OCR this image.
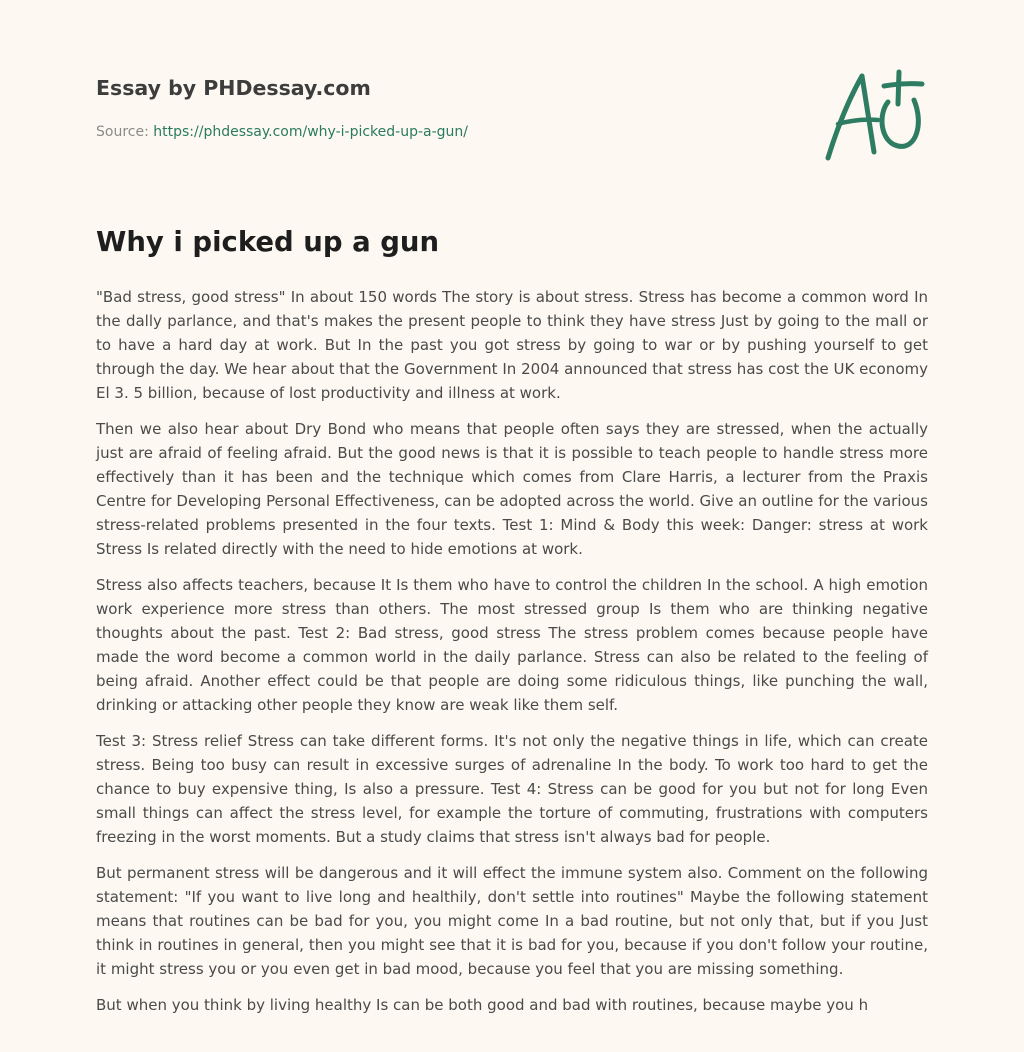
Essay by PHDessay.com
Source: https://phdessay.com/why-i-picked-up-a-gun/
Why i picked up a gun

"Bad stress, good stress" In about 150 words The story is about stress. Stress has become a common word In the dally parlance, and that's makes the present people to think they have stress Just by going to the mall or to have a hard day at work. But In the past you got stress by going to war or by pushing yourself to get through the day. We hear about that the Government In 2004 announced that stress has cost the UK economy El 3. 5 billion, because of lost productivity and illness at work.

Then we also hear about Dry Bond who means that people often says they are stressed, when the actually just are afraid of feeling afraid. But the good news is that it is possible to teach people to handle stress more effectively than it has been and the technique which comes from Clare Harris, a lecturer from the Praxis Centre for Developing Personal Effectiveness, can be adopted across the world. Give an outline for the various stress-related problems presented in the four texts. Test 1: Mind & Body this week: Danger: stress at work Stress Is related directly with the need to hide emotions at work.

Stress also affects teachers, because It Is them who have to control the children In the school. A high emotion work experience more stress than others. The most stressed group Is them who are thinking negative thoughts about the past. Test 2: Bad stress, good stress The stress problem comes because people have made the word become a common world in the daily parlance. Stress can also be related to the feeling of being afraid. Another effect could be that people are doing some ridiculous things, like punching the wall, drinking or attacking other people they know are weak like them self.

Test 3: Stress relief Stress can take different forms. It's not only the negative things in life, which can create stress. Being too busy can result in excessive surges of adrenaline In the body. To work too hard to get the chance to buy expensive thing, Is also a pressure. Test 4: Stress can be good for you but not for long Even small things can affect the stress level, for example the torture of commuting, frustrations with computers freezing in the worst moments. But a study claims that stress isn't always bad for people.

But permanent stress will be dangerous and it will effect the immune system also. Comment on the following statement: "If you want to live long and healthily, don't settle into routines" Maybe the following statement means that routines can be bad for you, you might come In a bad routine, but not only that, but if you Just think in routines in general, then you might see that it is bad for you, because if you don't follow your routine, it might stress you or you even get in bad mood, because you feel that you are missing something.

But when you think by living healthy Is can be both good and bad with routines, because maybe you h
